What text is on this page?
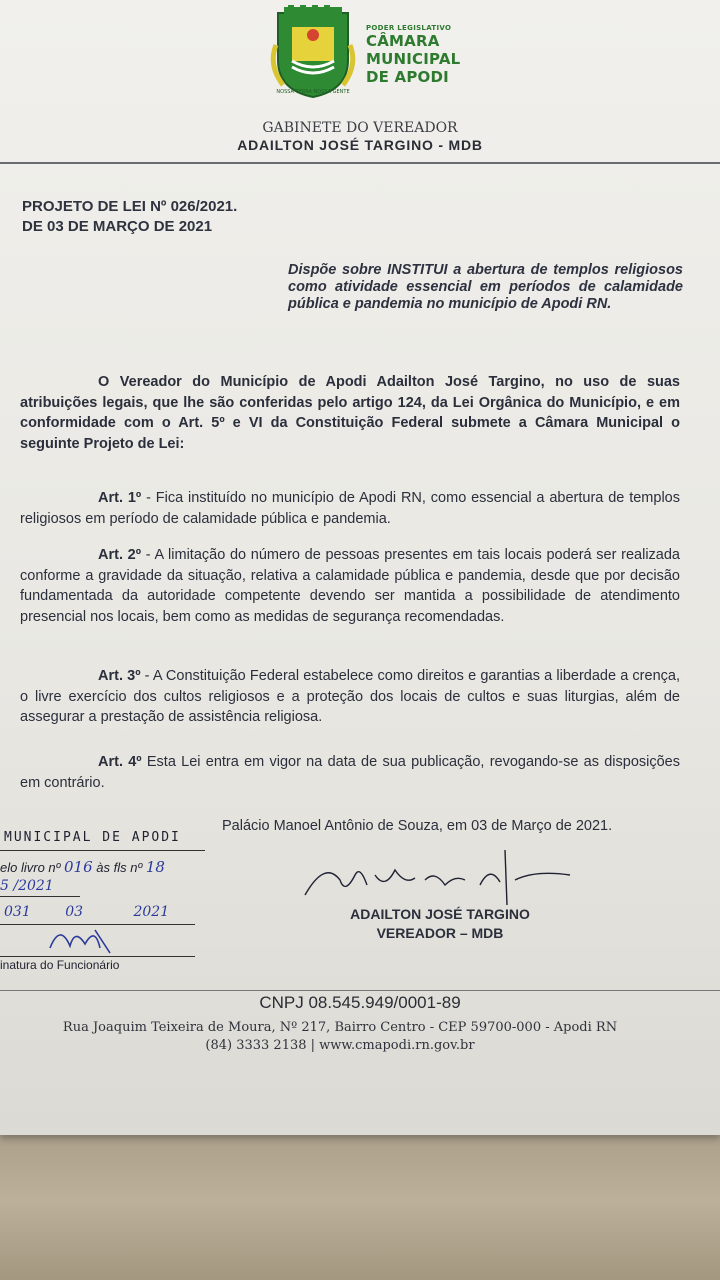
NOSSA TERRA NOSSA GENTE
PODER LEGISLATIVO
CÂMARA
MUNICIPAL
DE APODI
GABINETE DO VEREADOR
ADAILTON JOSÉ TARGINO - MDB
PROJETO DE LEI Nº 026/2021.
DE 03 DE MARÇO DE 2021
Dispõe sobre INSTITUI a abertura de templos religiosos como atividade essencial em períodos de calamidade pública e pandemia no município de Apodi RN.
O Vereador do Município de Apodi Adailton José Targino, no uso de suas atribuições legais, que lhe são conferidas pelo artigo 124, da Lei Orgânica do Município, e em conformidade com o Art. 5º e VI da Constituição Federal submete a Câmara Municipal o seguinte Projeto de Lei:
Art. 1º - Fica instituído no município de Apodi RN, como essencial a abertura de templos religiosos em período de calamidade pública e pandemia.
Art. 2º - A limitação do número de pessoas presentes em tais locais poderá ser realizada conforme a gravidade da situação, relativa a calamidade pública e pandemia, desde que por decisão fundamentada da autoridade competente devendo ser mantida a possibilidade de atendimento presencial nos locais, bem como as medidas de segurança recomendadas.
Art. 3º - A Constituição Federal estabelece como direitos e garantias a liberdade a crença, o livre exercício dos cultos religiosos e a proteção dos locais de cultos e suas liturgias, além de assegurar a prestação de assistência religiosa.
Art. 4º Esta Lei entra em vigor na data de sua publicação, revogando-se as disposições em contrário.
Palácio Manoel Antônio de Souza, em 03 de Março de 2021.
MUNICIPAL DE APODI
elo livro nº 016 às fls nº 18
5 /2021
031 03	2021
inatura do Funcionário
ADAILTON JOSÉ TARGINO
VEREADOR – MDB
CNPJ 08.545.949/0001-89
Rua Joaquim Teixeira de Moura, Nº 217, Bairro Centro - CEP 59700-000 - Apodi RN
(84) 3333 2138 | www.cmapodi.rn.gov.br
